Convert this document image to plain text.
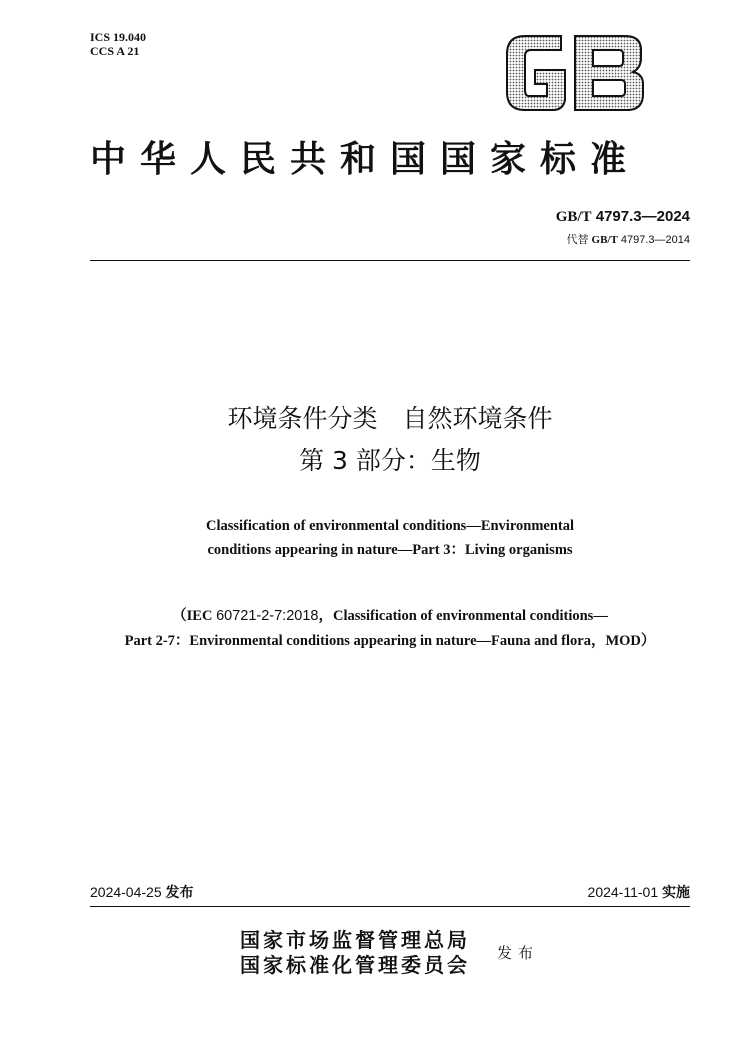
ICS 19.040
CCS A 21
中华人民共和国国家标准
GB/T 4797.3—2024
代替 GB/T 4797.3—2014
环境条件分类　自然环境条件
第 3 部分：生物
Classification of environmental conditions—Environmental
conditions appearing in nature—Part 3：Living organisms
（IEC 60721-2-7:2018，Classification of environmental conditions—
Part 2-7：Environmental conditions appearing in nature—Fauna and flora，MOD）
2024-04-25 发布	2024-11-01 实施
国家市场监督管理总局
国家标准化管理委员会 发布
